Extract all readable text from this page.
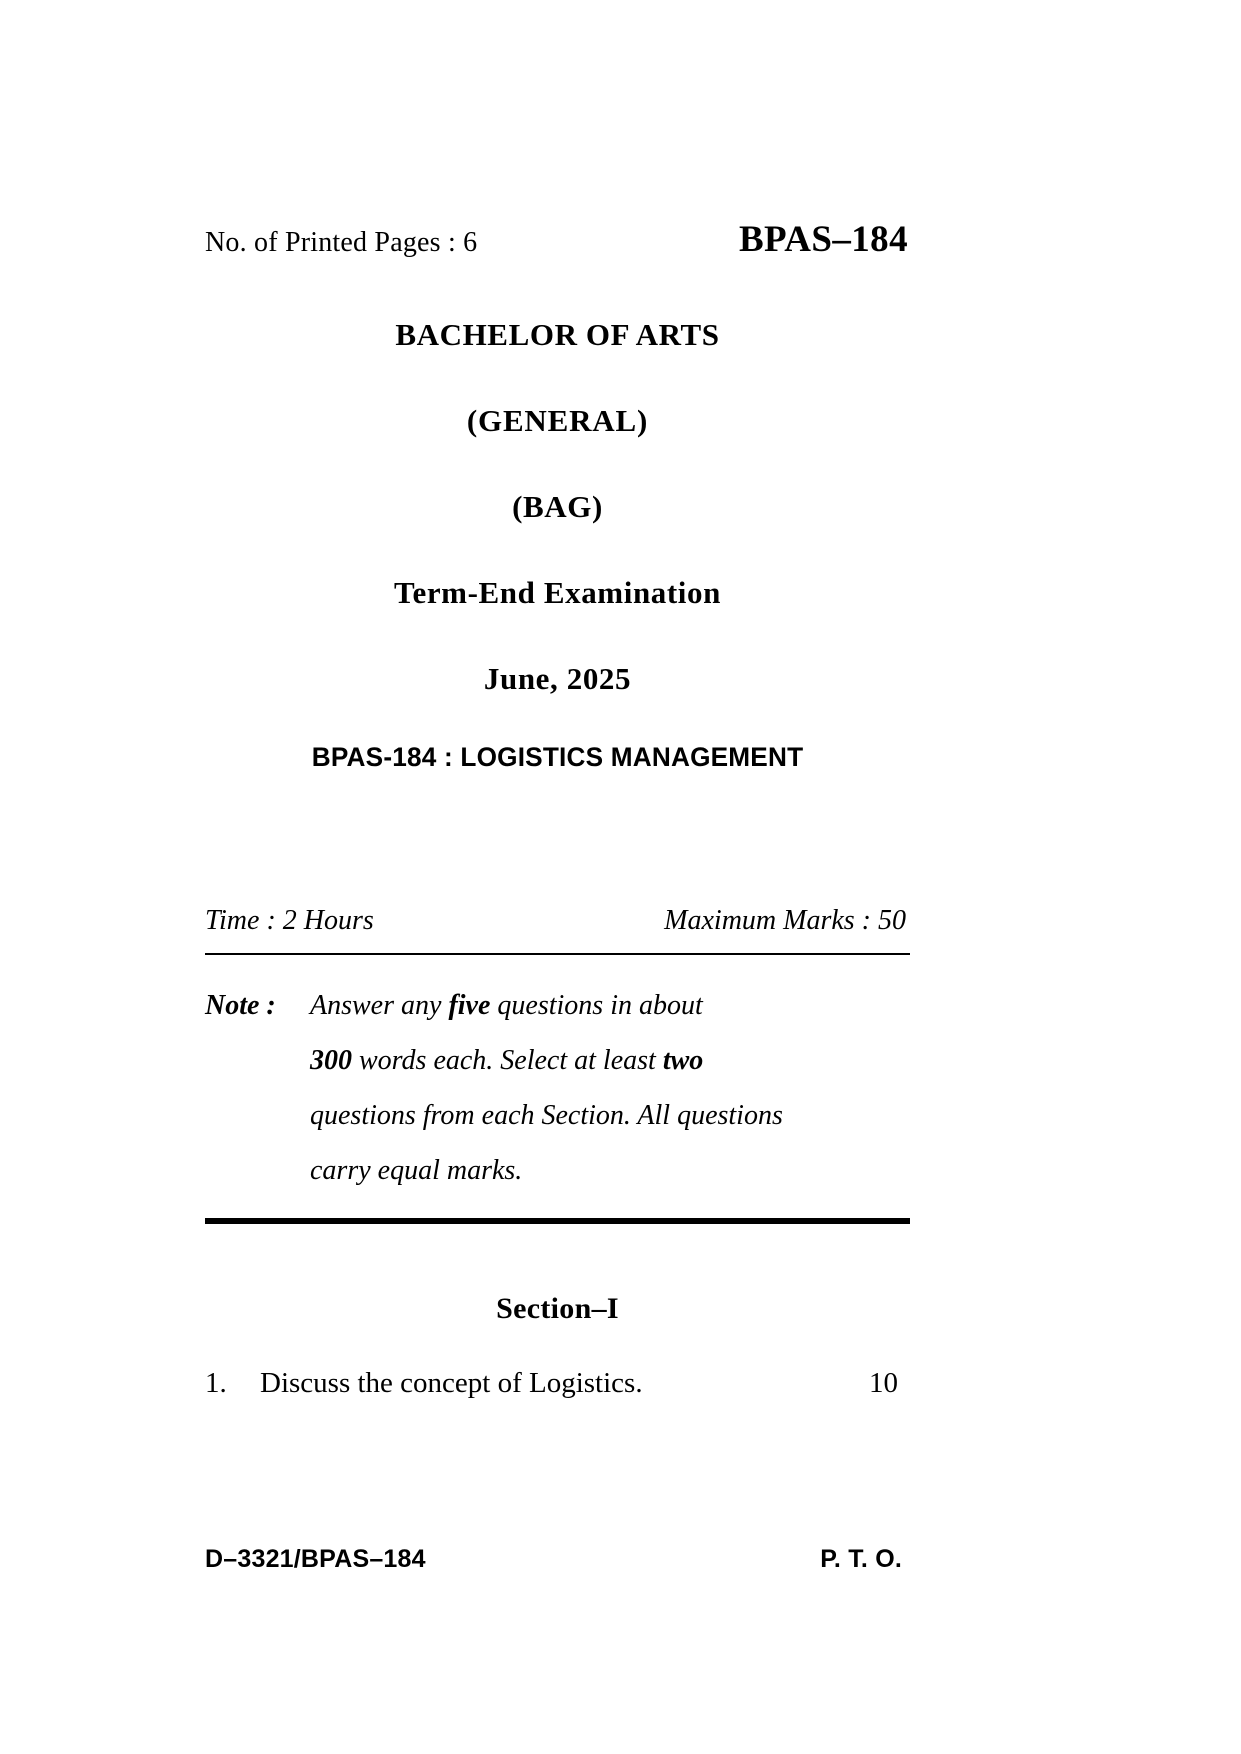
No. of Printed Pages : 6	BPAS–184
BACHELOR OF ARTS
(GENERAL)
(BAG)
Term-End Examination
June, 2025
BPAS-184 : LOGISTICS MANAGEMENT
Time : 2 Hours	Maximum Marks : 50
Note : Answer any five questions in about

300 words each. Select at least two

questions from each Section. All questions

carry equal marks.

Section–I
1.	Discuss the concept of Logistics.	10
D–3321/BPAS–184	P. T. O.
